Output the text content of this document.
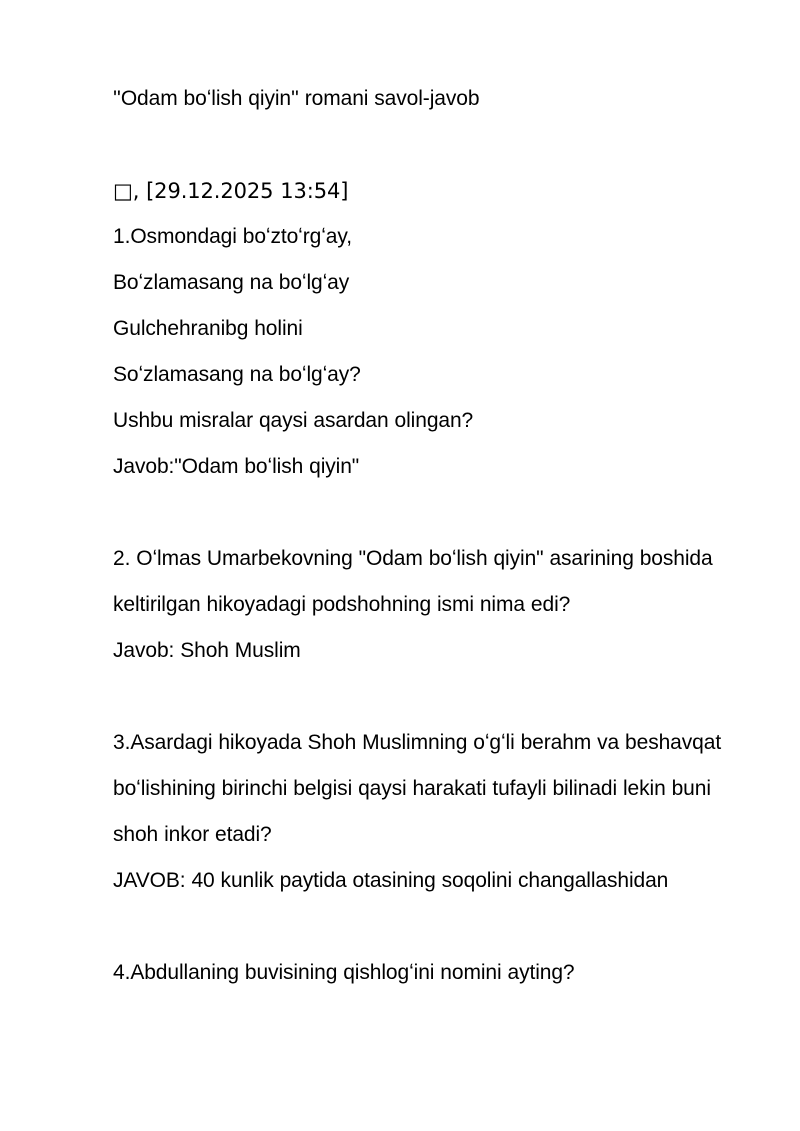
''Odam boʻlish qiyin'' romani savol-javob

□, [29.12.2025 13:54]

1.Osmondagi boʻztoʻrgʻay,

Boʻzlamasang na boʻlgʻay

Gulchehranibg holini

Soʻzlamasang na boʻlgʻay?

Ushbu misralar qaysi asardan olingan?

Javob:"Odam boʻlish qiyin"

2. Oʻlmas Umarbekovning "Odam boʻlish qiyin" asarining boshida keltirilgan hikoyadagi podshohning ismi nima edi?

Javob: Shoh Muslim

3.Asardagi hikoyada Shoh Muslimning oʻgʻli berahm va beshavqat boʻlishining birinchi belgisi qaysi harakati tufayli bilinadi lekin buni shoh inkor etadi?

JAVOB: 40 kunlik paytida otasining soqolini changallashidan

4.Abdullaning buvisining qishlogʻini nomini ayting?
